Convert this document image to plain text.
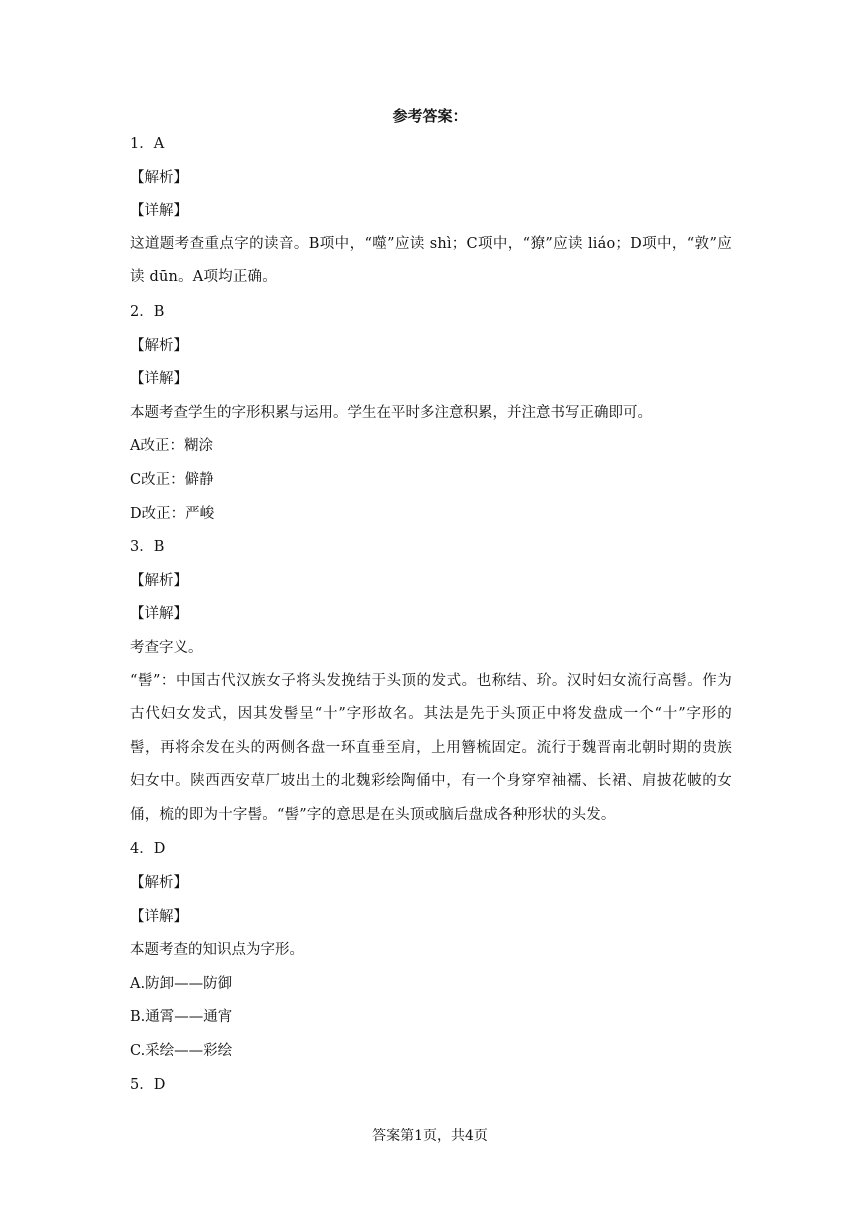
参考答案：
1．A
【解析】
【详解】
这道题考查重点字的读音。B项中，“噬”应读 shì；C项中，“獠”应读 liáo；D项中，“敦”应读 dūn。A项均正确。
2．B
【解析】
【详解】
本题考查学生的字形积累与运用。学生在平时多注意积累，并注意书写正确即可。
A改正：糊涂
C改正：僻静
D改正：严峻
3．B
【解析】
【详解】
考查字义。
“髻”：中国古代汉族女子将头发挽结于头顶的发式。也称结、玠。汉时妇女流行高髻。作为古代妇女发式，因其发髻呈“十”字形故名。其法是先于头顶正中将发盘成一个“十”字形的髻，再将余发在头的两侧各盘一环直垂至肩，上用簪梳固定。流行于魏晋南北朝时期的贵族妇女中。陕西西安草厂坡出土的北魏彩绘陶俑中，有一个身穿窄袖襦、长裙、肩披花帔的女俑，梳的即为十字髻。“髻”字的意思是在头顶或脑后盘成各种形状的头发。
4．D
【解析】
【详解】
本题考查的知识点为字形。
A.防卸——防御
B.通霄——通宵
C.采绘——彩绘
5．D
答案第1页，共4页
